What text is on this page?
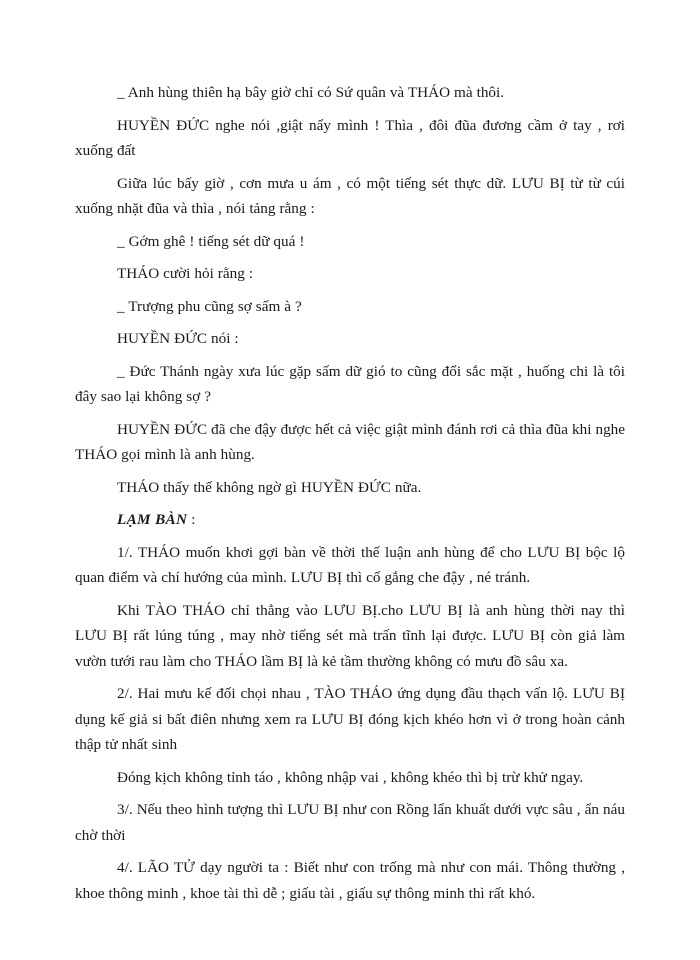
_ Anh hùng thiên hạ bây giờ chỉ có Sứ quân và THÁO mà thôi.

HUYỀN ĐỨC nghe nói ,giật nẩy mình ! Thìa , đôi đũa đương cầm ở tay , rơi xuống đất

Giữa lúc bấy giờ , cơn mưa u ám , có một tiếng sét thực dữ. LƯU BỊ từ từ cúi xuống nhặt đũa và thìa , nói tảng rằng :

_ Gớm ghê ! tiếng sét dữ quá !

THÁO cười hỏi rằng :

_ Trượng phu cũng sợ sấm à ?

HUYỀN ĐỨC nói :

_ Đức Thánh ngày xưa lúc gặp sấm dữ gió to cũng đổi sắc mặt , huống chi là tôi đây sao lại không sợ ?

HUYỀN ĐỨC đã che đậy được hết cả việc giật mình đánh rơi cả thìa đũa khi nghe THÁO gọi mình là anh hùng.

THÁO thấy thế không ngờ gì HUYỀN ĐỨC nữa.

LẠM BÀN :

1/. THÁO muốn khơi gợi bàn về thời thế luận anh hùng để cho LƯU BỊ bộc lộ quan điểm và chí hướng của mình. LƯU BỊ thì cố gắng che đậy , né tránh.

Khi TÀO THÁO chỉ thẳng vào LƯU BỊ.cho LƯU BỊ là anh hùng thời nay thì LƯU BỊ rất lúng túng , may nhờ tiếng sét mà trấn tĩnh lại được. LƯU BỊ còn giả làm vườn tưới rau làm cho THÁO lầm BỊ là kẻ tầm thường không có mưu đồ sâu xa.

2/. Hai mưu kế đối chọi nhau , TÀO THÁO ứng dụng đầu thạch vấn lộ. LƯU BỊ dụng kế giả si bất điên nhưng xem ra LƯU BỊ đóng kịch khéo hơn vì ở trong hoàn cảnh thập tử nhất sinh

Đóng kịch không tỉnh táo , không nhập vai , không khéo thì bị trừ khử ngay.

3/. Nếu theo hình tượng thì LƯU BỊ như con Rồng lẩn khuất dưới vực sâu , ẩn náu chờ thời

4/. LÃO TỬ dạy người ta : Biết như con trống mà như con mái. Thông thường , khoe thông minh , khoe tài thì dễ ; giấu tài , giấu sự thông minh thì rất khó.
